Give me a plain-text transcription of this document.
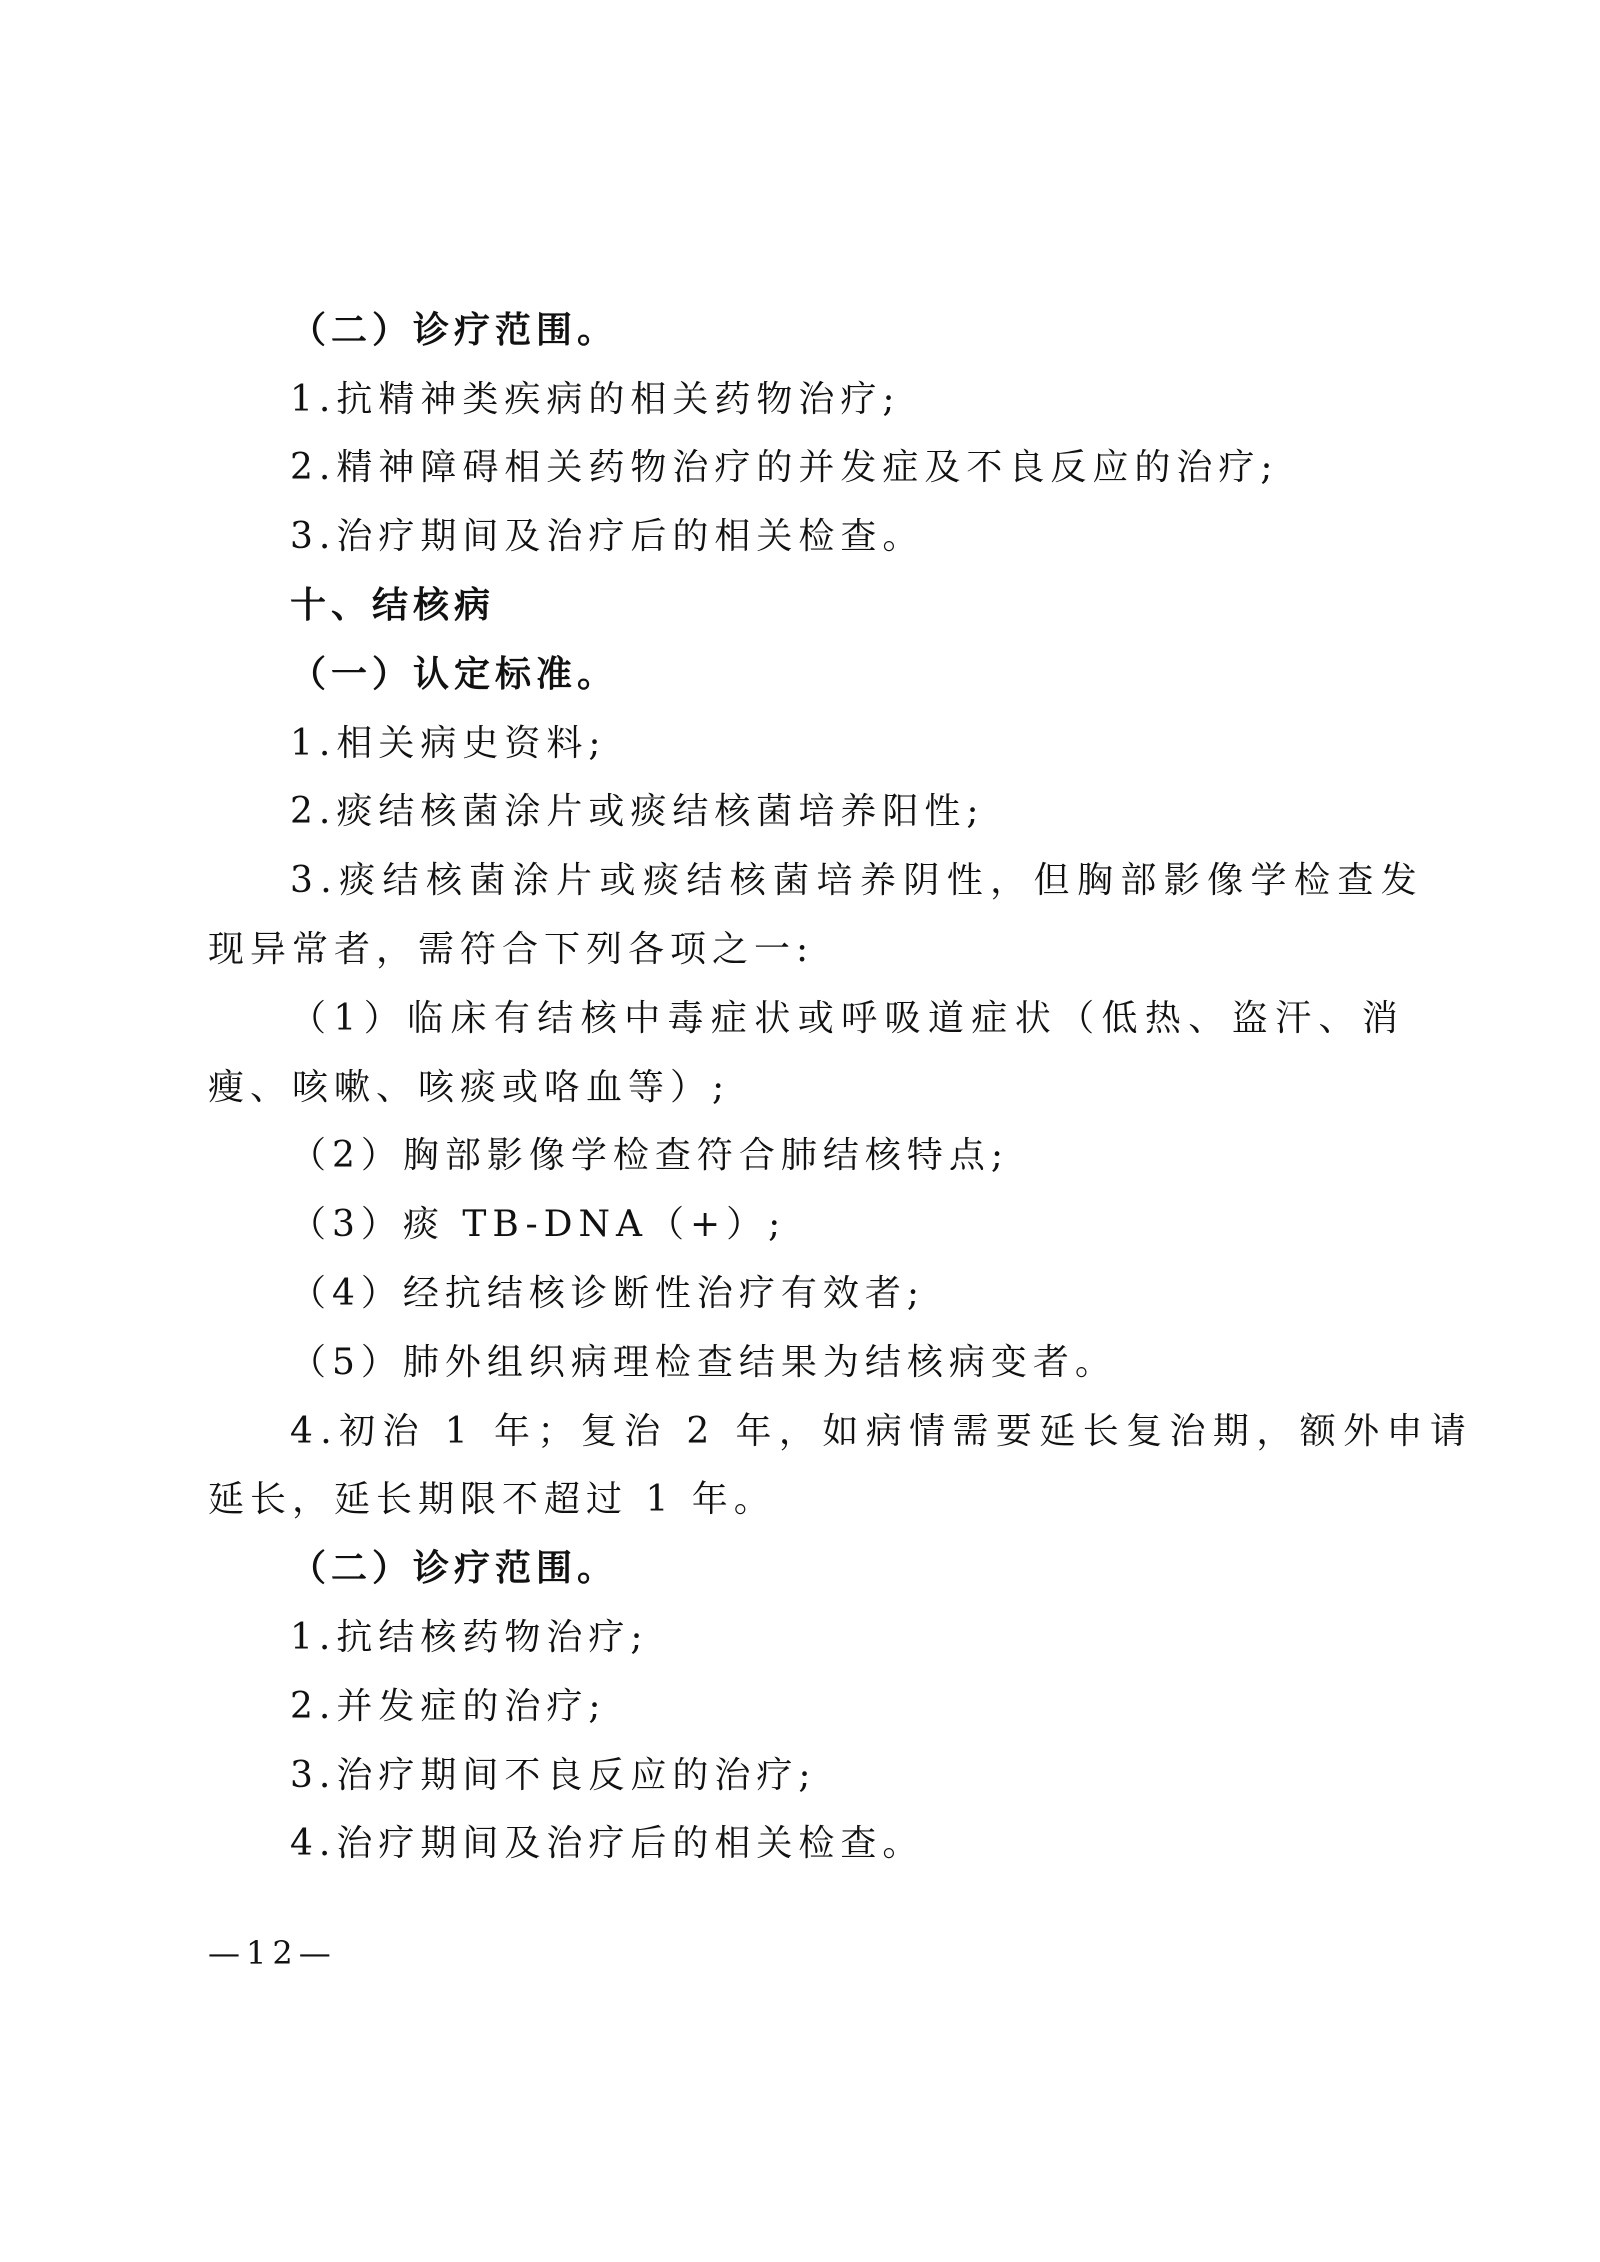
（二）诊疗范围。
1.抗精神类疾病的相关药物治疗;
2.精神障碍相关药物治疗的并发症及不良反应的治疗;
3.治疗期间及治疗后的相关检查。
十、结核病
（一）认定标准。
1.相关病史资料;
2.痰结核菌涂片或痰结核菌培养阳性;
3.痰结核菌涂片或痰结核菌培养阴性，但胸部影像学检查发
现异常者，需符合下列各项之一:
（1）临床有结核中毒症状或呼吸道症状（低热、盗汗、消
瘦、咳嗽、咳痰或咯血等）;
（2）胸部影像学检查符合肺结核特点;
（3）痰 TB-DNA（+）;
（4）经抗结核诊断性治疗有效者;
（5）肺外组织病理检查结果为结核病变者。
4.初治 1 年；复治 2 年，如病情需要延长复治期，额外申请
延长，延长期限不超过 1 年。
（二）诊疗范围。
1.抗结核药物治疗;
2.并发症的治疗;
3.治疗期间不良反应的治疗;
4.治疗期间及治疗后的相关检查。
—12—
